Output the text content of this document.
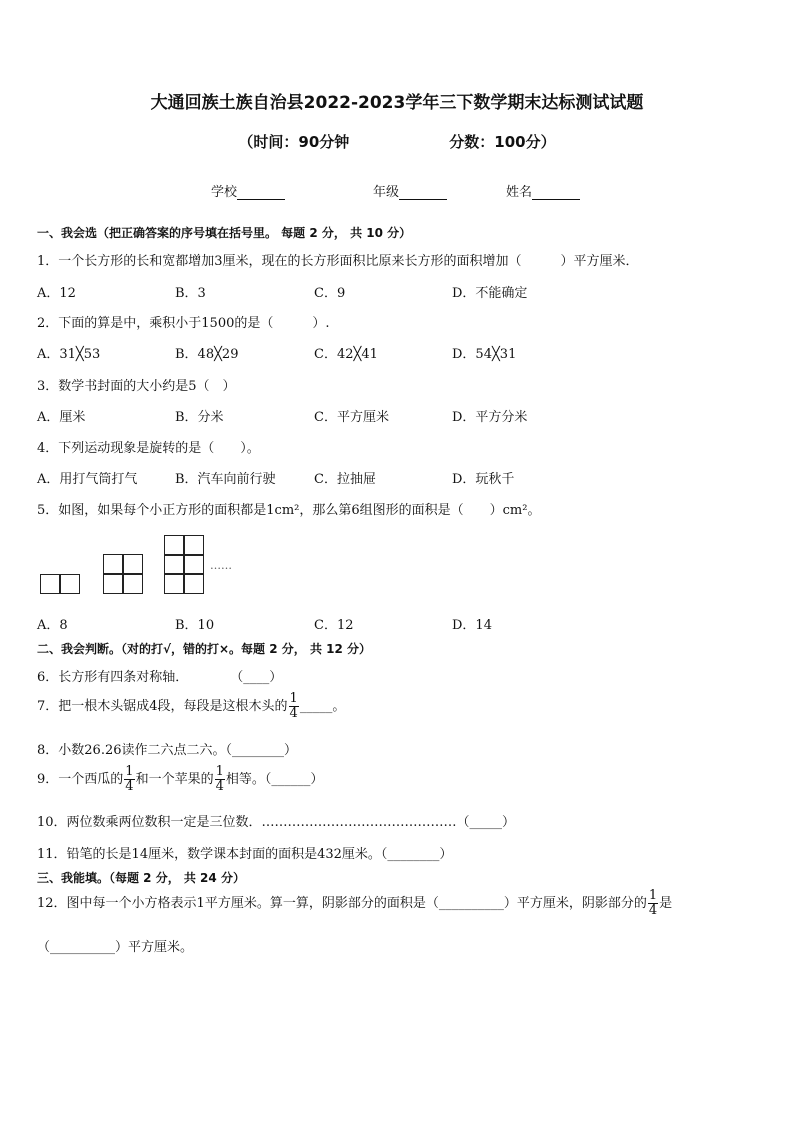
大通回族土族自治县2022-2023学年三下数学期末达标测试试题
（时间：90分钟	分数：100分）
学校	年级	姓名
一、我会选（把正确答案的序号填在括号里。 每题 2 分， 共 10 分）
1．一个长方形的长和宽都增加3厘米，现在的长方形面积比原来长方形的面积增加（　　　）平方厘米．
A．12	B．3	C．9	D．不能确定
2．下面的算是中，乘积小于1500的是（　　　）.
A．31╳53	B．48╳29	C．42╳41	D．54╳31
3．数学书封面的大小约是5（　）
A．厘米	B．分米	C．平方厘米	D．平方分米
4．下列运动现象是旋转的是（　　）。
A．用打气筒打气	B．汽车向前行驶	C．拉抽屉	D．玩秋千
5．如图，如果每个小正方形的面积都是1cm²，那么第6组图形的面积是（　　）cm²。
……
A．8	B．10	C．12	D．14
二、我会判断。（对的打√，错的打×。每题 2 分， 共 12 分）
6．长方形有四条对称轴．	（____）
7．把一根木头锯成4段，每段是这根木头的 $\frac{1}{4}$ _____。
8．小数26.26读作二六点二六。（________）
9．一个西瓜的 $\frac{1}{4}$ 和一个苹果的 $\frac{1}{4}$ 相等。（______）
10．两位数乘两位数积一定是三位数．………………………………………（_____）
11．铅笔的长是14厘米，数学课本封面的面积是432厘米。（________）
三、我能填。（每题 2 分， 共 24 分）
12．图中每一个小方格表示1平方厘米。算一算，阴影部分的面积是（__________）平方厘米，阴影部分的 $\frac{1}{4}$ 是
（__________）平方厘米。
